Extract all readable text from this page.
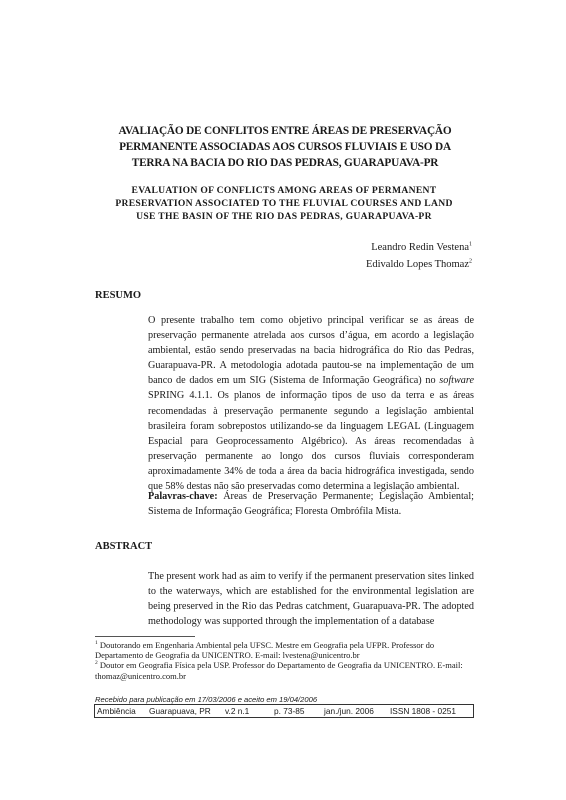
AVALIAÇÃO DE CONFLITOS ENTRE ÁREAS DE PRESERVAÇÃO
PERMANENTE ASSOCIADAS AOS CURSOS FLUVIAIS E USO DA
TERRA NA BACIA DO RIO DAS PEDRAS, GUARAPUAVA-PR
EVALUATION OF CONFLICTS AMONG AREAS OF PERMANENT
PRESERVATION ASSOCIATED TO THE FLUVIAL COURSES AND LAND
USE THE BASIN OF THE RIO DAS PEDRAS, GUARAPUAVA-PR
Leandro Redin Vestena$^1$
Edivaldo Lopes Thomaz$^2$
RESUMO

O presente trabalho tem como objetivo principal verificar se as áreas de preservação permanente atrelada aos cursos d’água, em acordo a legislação ambiental, estão sendo preservadas na bacia hidrográfica do Rio das Pedras, Guarapuava-PR. A metodologia adotada pautou-se na implementação de um banco de dados em um SIG (Sistema de Informação Geográfica) no software SPRING 4.1.1. Os planos de informação tipos de uso da terra e as áreas recomendadas à preservação permanente segundo a legislação ambiental brasileira foram sobrepostos utilizando-se da linguagem LEGAL (Linguagem Espacial para Geoprocessamento Algébrico). As áreas recomendadas à preservação permanente ao longo dos cursos fluviais corresponderam aproximadamente 34% de toda a área da bacia hidrográfica investigada, sendo que 58% destas não são preservadas como determina a legislação ambiental.

Palavras-chave: Áreas de Preservação Permanente; Legislação Ambiental; Sistema de Informação Geográfica; Floresta Ombrófila Mista.

ABSTRACT

The present work had as aim to verify if the permanent preservation sites linked to the waterways, which are established for the environmental legislation are being preserved in the Rio das Pedras catchment, Guarapuava-PR. The adopted methodology was supported through the implementation of a database

$^1$ Doutorando em Engenharia Ambiental pela UFSC. Mestre em Geografia pela UFPR. Professor do Departamento de Geografia da UNICENTRO. E-mail: lvestena@unicentro.br

$^2$ Doutor em Geografia Física pela USP. Professor do Departamento de Geografia da UNICENTRO. E-mail: thomaz@unicentro.com.br

Recebido para publicação em 17/03/2006 e aceito em 19/04/2006
Ambiência	Guarapuava, PR	v.2 n.1	p. 73-85	jan./jun. 2006	ISSN 1808 - 0251
